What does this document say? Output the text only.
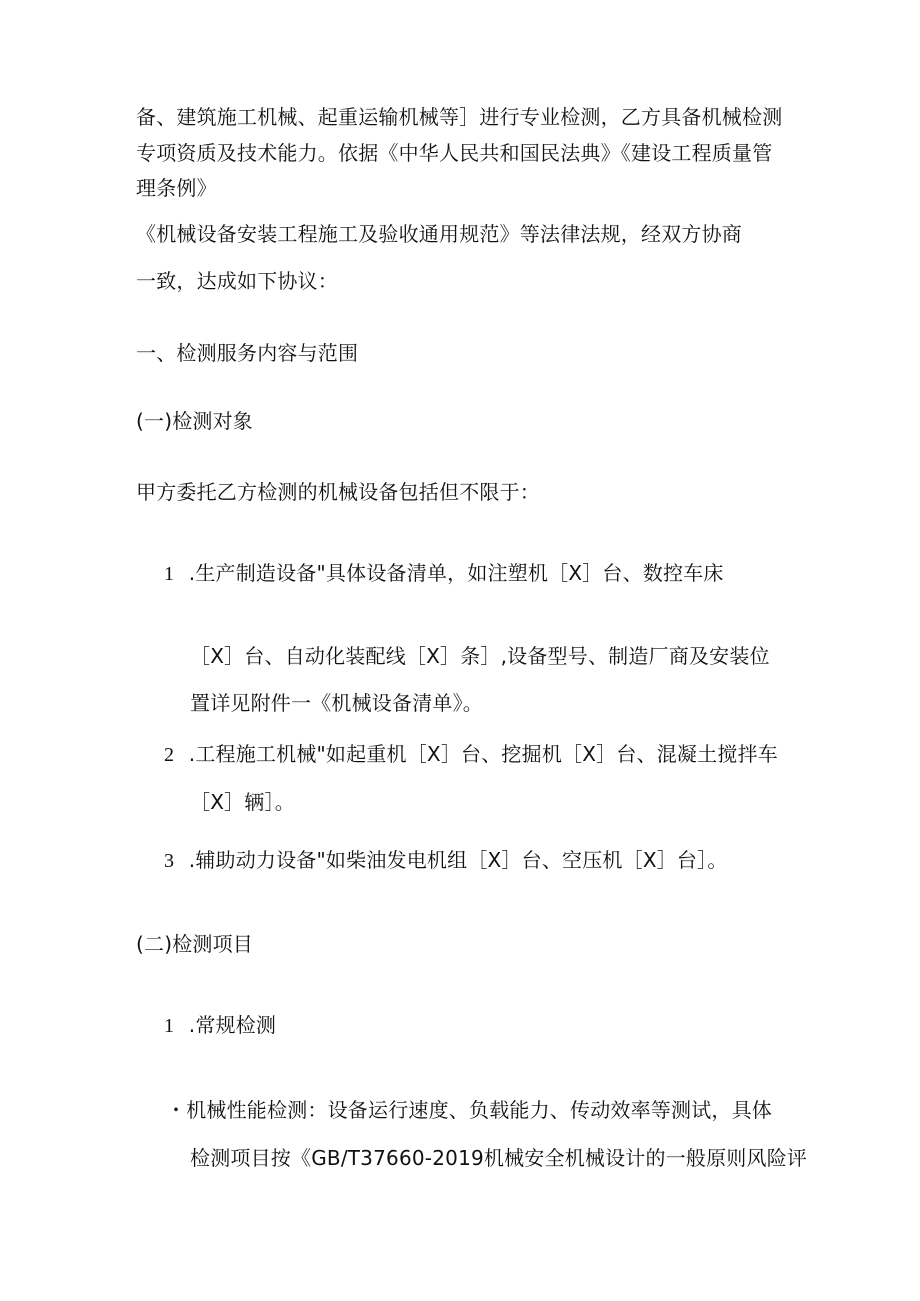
备、建筑施工机械、起重运输机械等］进行专业检测，乙方具备机械检测
专项资质及技术能力。依据《中华人民共和国民法典》《建设工程质量管
理条例》
《机械设备安装工程施工及验收通用规范》等法律法规，经双方协商
一致，达成如下协议：
一、检测服务内容与范围
(一)检测对象
甲方委托乙方检测的机械设备包括但不限于：
1 .生产制造设备"具体设备清单，如注塑机［X］台、数控车床
［X］台、自动化装配线［X］条］,设备型号、制造厂商及安装位
置详见附件一《机械设备清单》。
2 .工程施工机械"如起重机［X］台、挖掘机［X］台、混凝土搅拌车
［X］辆］。
3 .辅助动力设备"如柴油发电机组［X］台、空压机［X］台］。
(二)检测项目
1 .常规检测
・机械性能检测：设备运行速度、负载能力、传动效率等测试，具体
检测项目按《GB/T37660-2019机械安全机械设计的一般原则风险评
